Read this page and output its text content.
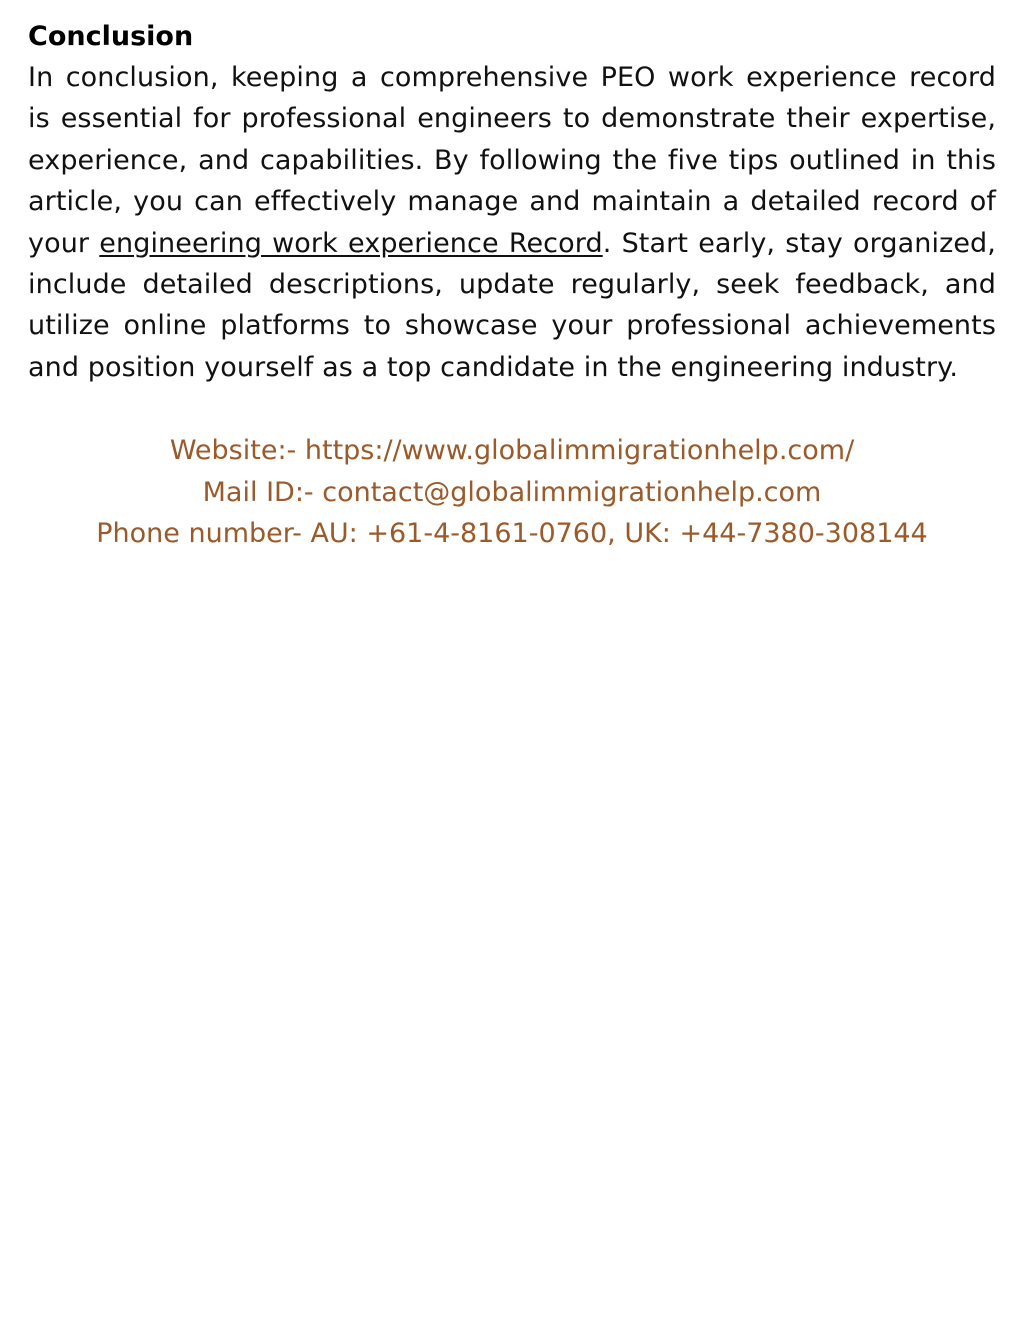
Conclusion

In conclusion, keeping a comprehensive PEO work experience record is essential for professional engineers to demonstrate their expertise, experience, and capabilities. By following the five tips outlined in this article, you can effectively manage and maintain a detailed record of your engineering work experience Record. Start early, stay organized, include detailed descriptions, update regularly, seek feedback, and utilize online platforms to showcase your professional achievements and position yourself as a top candidate in the engineering industry.

Website:- https://www.globalimmigrationhelp.com/
Mail ID:- contact@globalimmigrationhelp.com
Phone number- AU: +61-4-8161-0760, UK: +44-7380-308144
